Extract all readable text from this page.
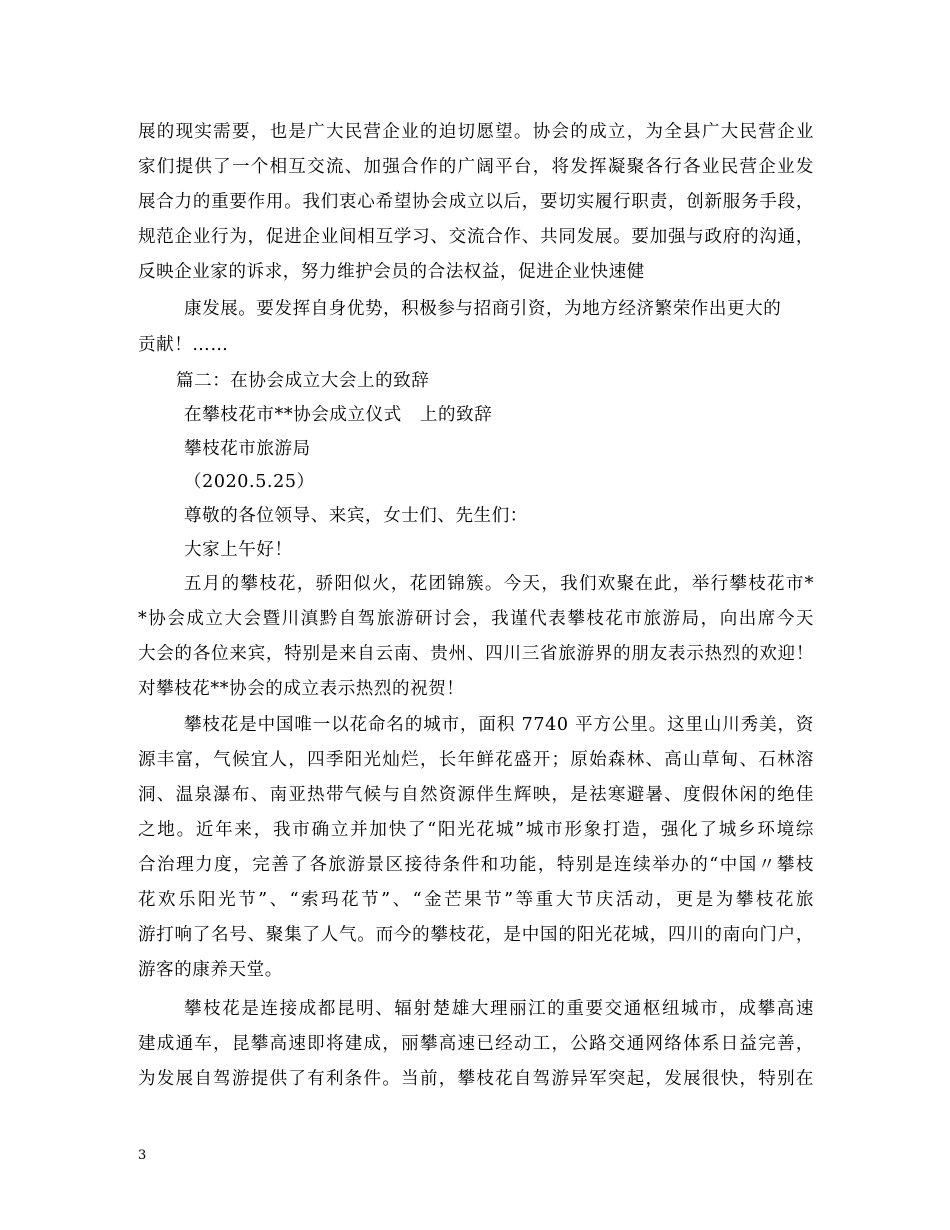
展的现实需要，也是广大民营企业的迫切愿望。协会的成立，为全县广大民营企业
家们提供了一个相互交流、加强合作的广阔平台，将发挥凝聚各行各业民营企业发
展合力的重要作用。我们衷心希望协会成立以后，要切实履行职责，创新服务手段，
规范企业行为，促进企业间相互学习、交流合作、共同发展。要加强与政府的沟通，
反映企业家的诉求，努力维护会员的合法权益，促进企业快速健
康发展。要发挥自身优势，积极参与招商引资，为地方经济繁荣作出更大的
贡献！……
篇二：在协会成立大会上的致辞
在攀枝花市**协会成立仪式　上的致辞
攀枝花市旅游局
（2020.5.25）
尊敬的各位领导、来宾，女士们、先生们：
大家上午好！
五月的攀枝花，骄阳似火，花团锦簇。今天，我们欢聚在此，举行攀枝花市*
*协会成立大会暨川滇黔自驾旅游研讨会，我谨代表攀枝花市旅游局，向出席今天
大会的各位来宾，特别是来自云南、贵州、四川三省旅游界的朋友表示热烈的欢迎！
对攀枝花**协会的成立表示热烈的祝贺！
攀枝花是中国唯一以花命名的城市，面积 7740 平方公里。这里山川秀美，资
源丰富，气候宜人，四季阳光灿烂，长年鲜花盛开；原始森林、高山草甸、石林溶
洞、温泉瀑布、南亚热带气候与自然资源伴生辉映，是祛寒避暑、度假休闲的绝佳
之地。近年来，我市确立并加快了“阳光花城”城市形象打造，强化了城乡环境综
合治理力度，完善了各旅游景区接待条件和功能，特别是连续举办的“中国〃攀枝
花欢乐阳光节”、“索玛花节”、“金芒果节”等重大节庆活动，更是为攀枝花旅
游打响了名号、聚集了人气。而今的攀枝花，是中国的阳光花城，四川的南向门户，
游客的康养天堂。
攀枝花是连接成都昆明、辐射楚雄大理丽江的重要交通枢纽城市，成攀高速
建成通车，昆攀高速即将建成，丽攀高速已经动工，公路交通网络体系日益完善，
为发展自驾游提供了有利条件。当前，攀枝花自驾游异军突起，发展很快，特别在
3
